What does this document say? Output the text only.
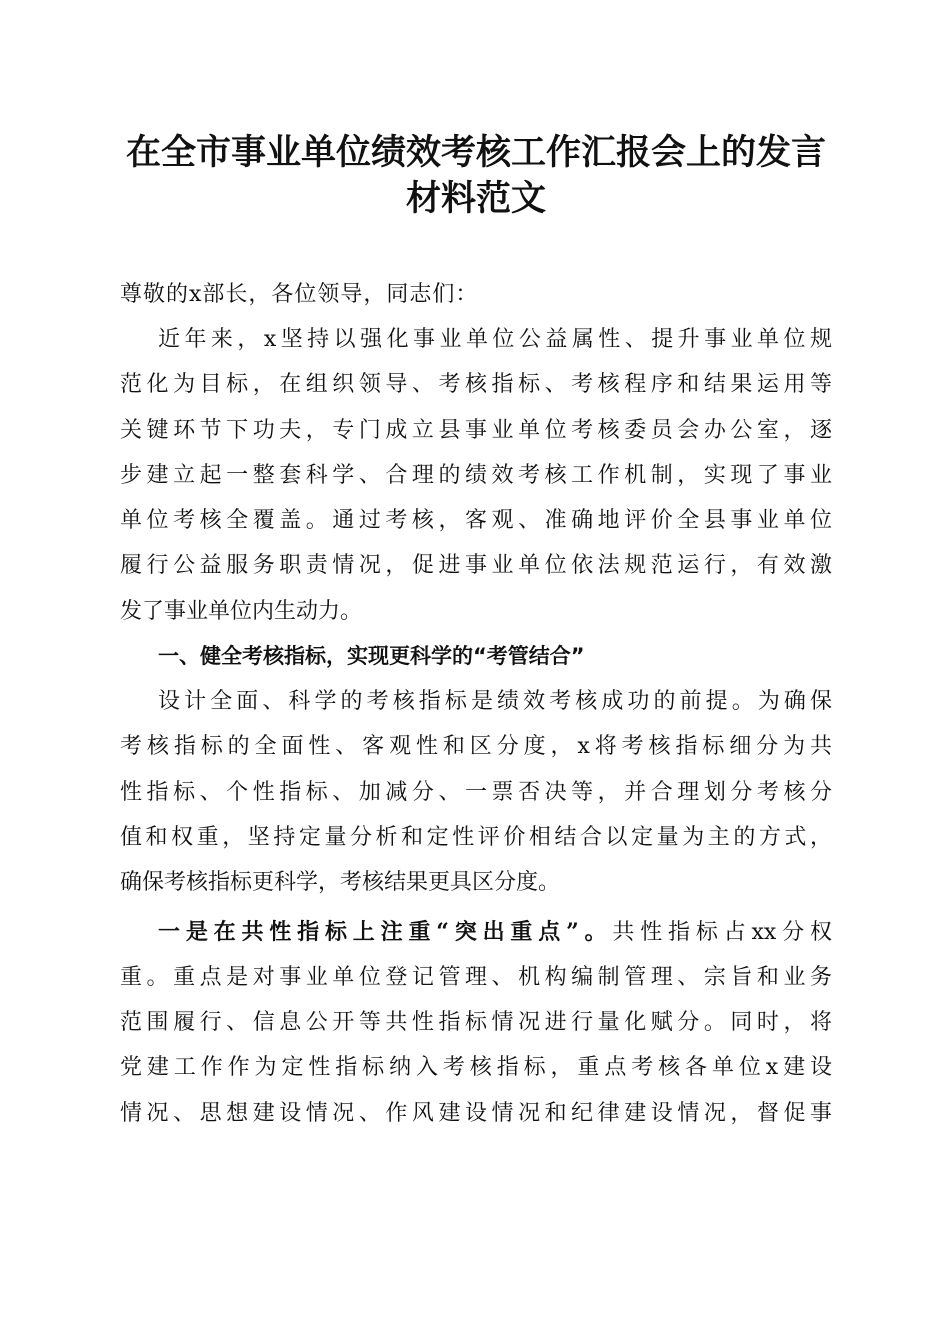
在全市事业单位绩效考核工作汇报会上的发言
材料范文
尊敬的x部长，各位领导，同志们：

近年来，x坚持以强化事业单位公益属性、提升事业单位规
范化为目标，在组织领导、考核指标、考核程序和结果运用等
关键环节下功夫，专门成立县事业单位考核委员会办公室，逐
步建立起一整套科学、合理的绩效考核工作机制，实现了事业
单位考核全覆盖。通过考核，客观、准确地评价全县事业单位
履行公益服务职责情况，促进事业单位依法规范运行，有效激
发了事业单位内生动力。

一、健全考核指标，实现更科学的“考管结合”

设计全面、科学的考核指标是绩效考核成功的前提。为确保
考核指标的全面性、客观性和区分度，x将考核指标细分为共
性指标、个性指标、加减分、一票否决等，并合理划分考核分
值和权重，坚持定量分析和定性评价相结合以定量为主的方式，
确保考核指标更科学，考核结果更具区分度。

一是在共性指标上注重“突出重点”。共性指标占xx分权
重。重点是对事业单位登记管理、机构编制管理、宗旨和业务
范围履行、信息公开等共性指标情况进行量化赋分。同时，将
党建工作作为定性指标纳入考核指标，重点考核各单位x建设
情况、思想建设情况、作风建设情况和纪律建设情况，督促事
